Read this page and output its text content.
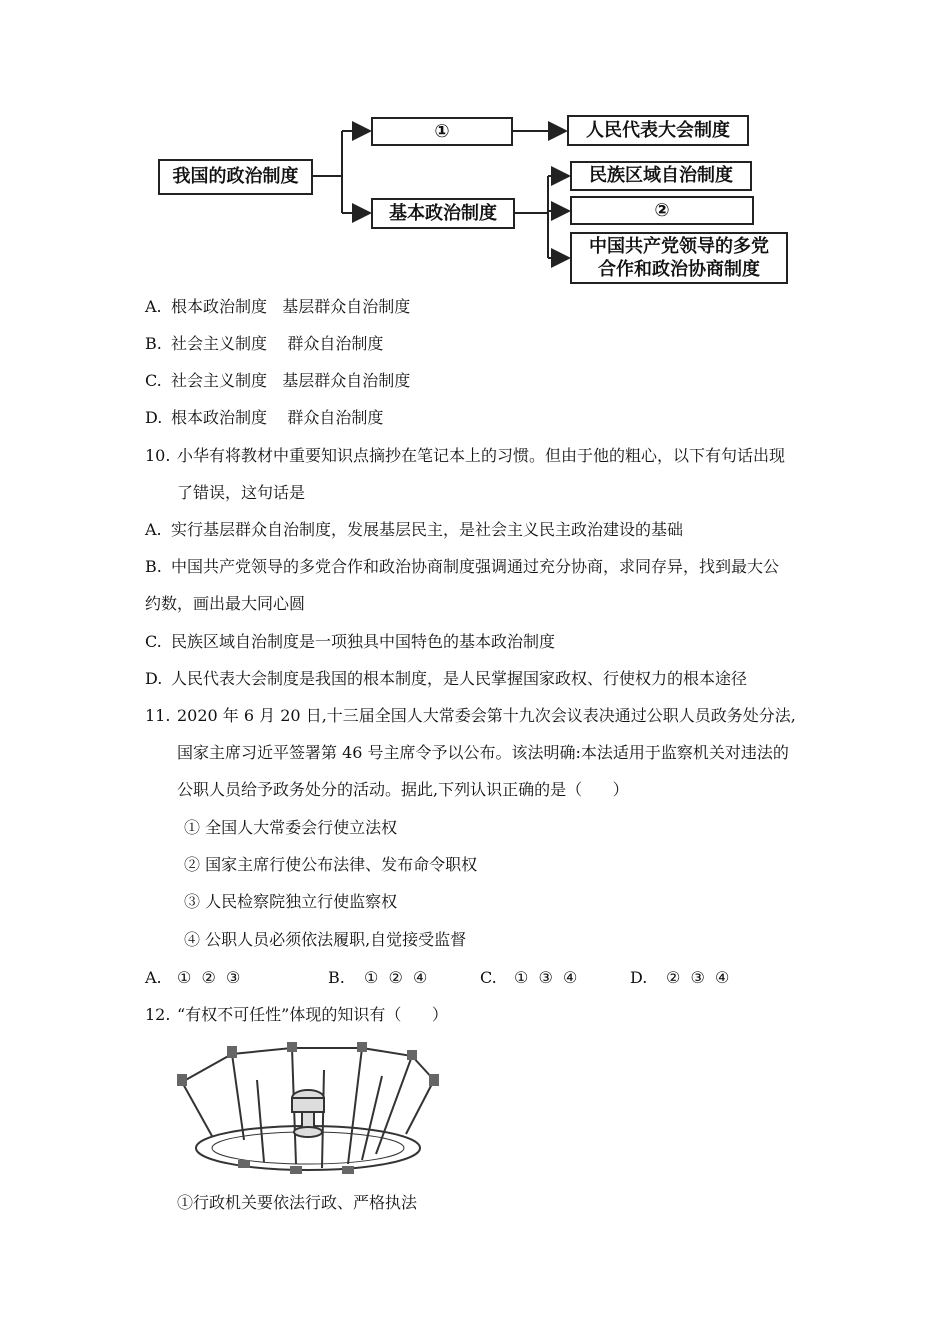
我国的政治制度
①	人民代表大会制度
基本政治制度
民族区域自治制度
②
中国共产党领导的多党
合作和政治协商制度
A. 根本政治制度   基层群众自治制度
B. 社会主义制度    群众自治制度
C. 社会主义制度   基层群众自治制度
D. 根本政治制度    群众自治制度
10. 小华有将教材中重要知识点摘抄在笔记本上的习惯。但由于他的粗心，以下有句话出现
了错误，这句话是
A. 实行基层群众自治制度，发展基层民主，是社会主义民主政治建设的基础
B. 中国共产党领导的多党合作和政治协商制度强调通过充分协商，求同存异，找到最大公
约数，画出最大同心圆
C. 民族区域自治制度是一项独具中国特色的基本政治制度
D. 人民代表大会制度是我国的根本制度，是人民掌握国家政权、行使权力的根本途径
11. 2020 年 6 月 20 日,十三届全国人大常委会第十九次会议表决通过公职人员政务处分法,
国家主席习近平签署第 46 号主席令予以公布。该法明确:本法适用于监察机关对违法的
公职人员给予政务处分的活动。据此,下列认识正确的是（      ）
① 全国人大常委会行使立法权
② 国家主席行使公布法律、发布命令职权
③ 人民检察院独立行使监察权
④ 公职人员必须依法履职,自觉接受监督
A. ①  ②  ③	B. ①  ②  ④	C. ①  ③  ④	D. ②  ③  ④
12. “有权不可任性”体现的知识有（      ）
①行政机关要依法行政、严格执法
